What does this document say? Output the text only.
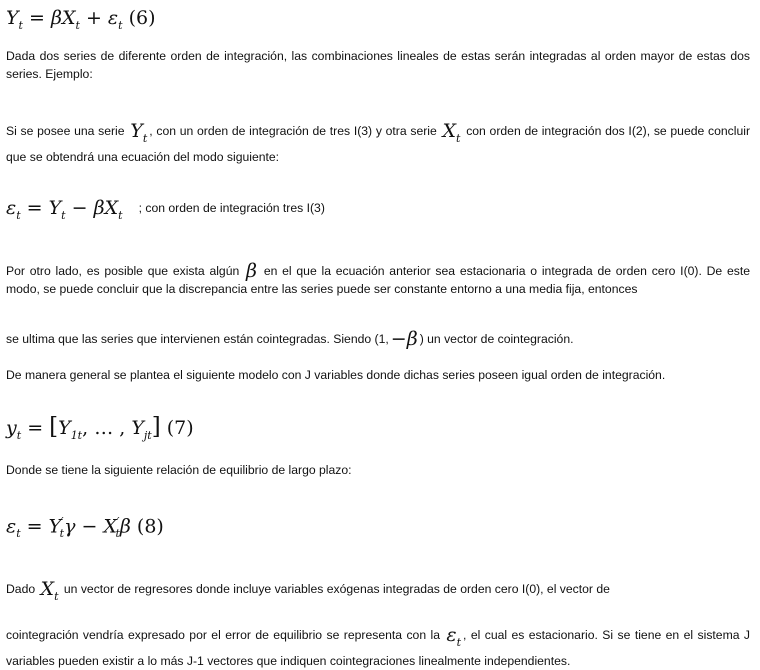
$Y_t = \beta X_t + \varepsilon_t$ (6)

Dada dos series de diferente orden de integración, las combinaciones lineales de estas serán integradas al orden mayor de estas dos series. Ejemplo:

Si se posee una serie $Y_t$, con un orden de integración de tres I(3) y otra serie $X_t$ con orden de integración dos I(2), se puede concluir que se obtendrá una ecuación del modo siguiente:

$\varepsilon_t = Y_t - \beta X_t$ ; con orden de integración tres I(3)

Por otro lado, es posible que exista algún β en el que la ecuación anterior sea estacionaria o integrada de orden cero I(0). De este modo, se puede concluir que la discrepancia entre las series puede ser constante entorno a una media fija, entonces

se ultima que las series que intervienen están cointegradas. Siendo (1, −β ) un vector de cointegración.

De manera general se plantea el siguiente modelo con J variables donde dichas series poseen igual orden de integración.

$y_t = [Y_{1t}$, … , $Y_{jt}$] (7)

Donde se tiene la siguiente relación de equilibrio de largo plazo:

$\varepsilon_t = Y'_t\gamma - X'_t\beta$ (8)

Dado $X_t$ un vector de regresores donde incluye variables exógenas integradas de orden cero I(0), el vector de

cointegración vendría expresado por el error de equilibrio se representa con la $\varepsilon_t$, el cual es estacionario. Si se tiene en el sistema J variables pueden existir a lo más J-1 vectores que indiquen cointegraciones linealmente independientes.
